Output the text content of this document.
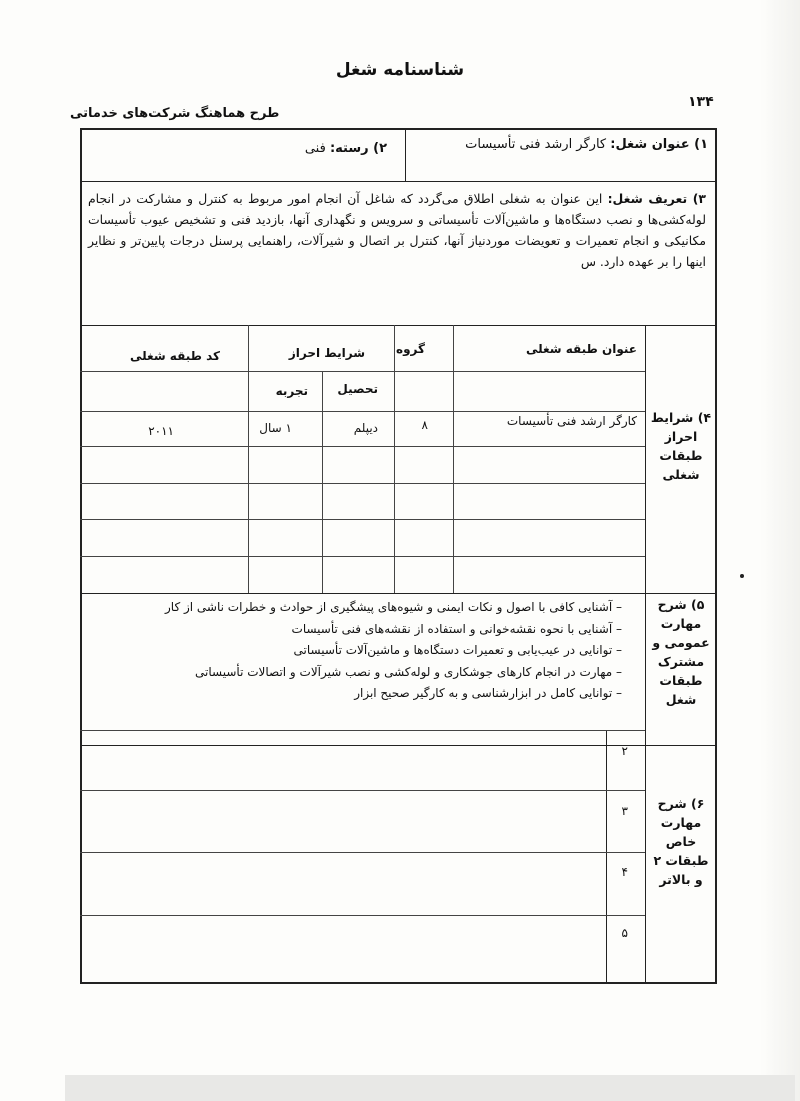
شناسنامه شغل
۱۳۴
طرح هماهنگ شرکت‌های خدماتی
۱) عنوان شغل: کارگر ارشد فنی تأسیسات
۲) رسته: فنی
۳) تعریف شغل: این عنوان به شغلی اطلاق می‌گردد که شاغل آن انجام امور مربوط به کنترل و مشارکت در انجام لوله‌کشی‌ها و نصب دستگاه‌ها و ماشین‌آلات تأسیساتی و سرویس و نگهداری آنها، بازدید فنی و تشخیص عیوب تأسیسات مکانیکی و انجام تعمیرات و تعویضات موردنیاز آنها، کنترل بر اتصال و شیرآلات، راهنمایی پرسنل درجات پایین‌تر و نظایر اینها را بر عهده دارد. س
۴) شرایط احراز طبقات شغلی
عنوان طبقه شغلی
گروه
شرایط احراز
کد طبقه شغلی
تحصیل
تجربه
کارگر ارشد فنی تأسیسات
۸
دیپلم
۱ سال
۲۰۱۱
۵) شرح مهارت عمومی و مشترک طبقات شغل
– آشنایی کافی با اصول و نکات ایمنی و شیوه‌های پیشگیری از حوادث و خطرات ناشی از کار
– آشنایی با نحوه نقشه‌خوانی و استفاده از نقشه‌های فنی تأسیسات
– توانایی در عیب‌یابی و تعمیرات دستگاه‌ها و ماشین‌آلات تأسیساتی
– مهارت در انجام کارهای جوشکاری و لوله‌کشی و نصب شیرآلات و اتصالات تأسیساتی
– توانایی کامل در ابزارشناسی و به کارگیر صحیح ابزار
۶) شرح مهارت خاص طبقات ۲ و بالاتر
۲
۳
۴
۵
